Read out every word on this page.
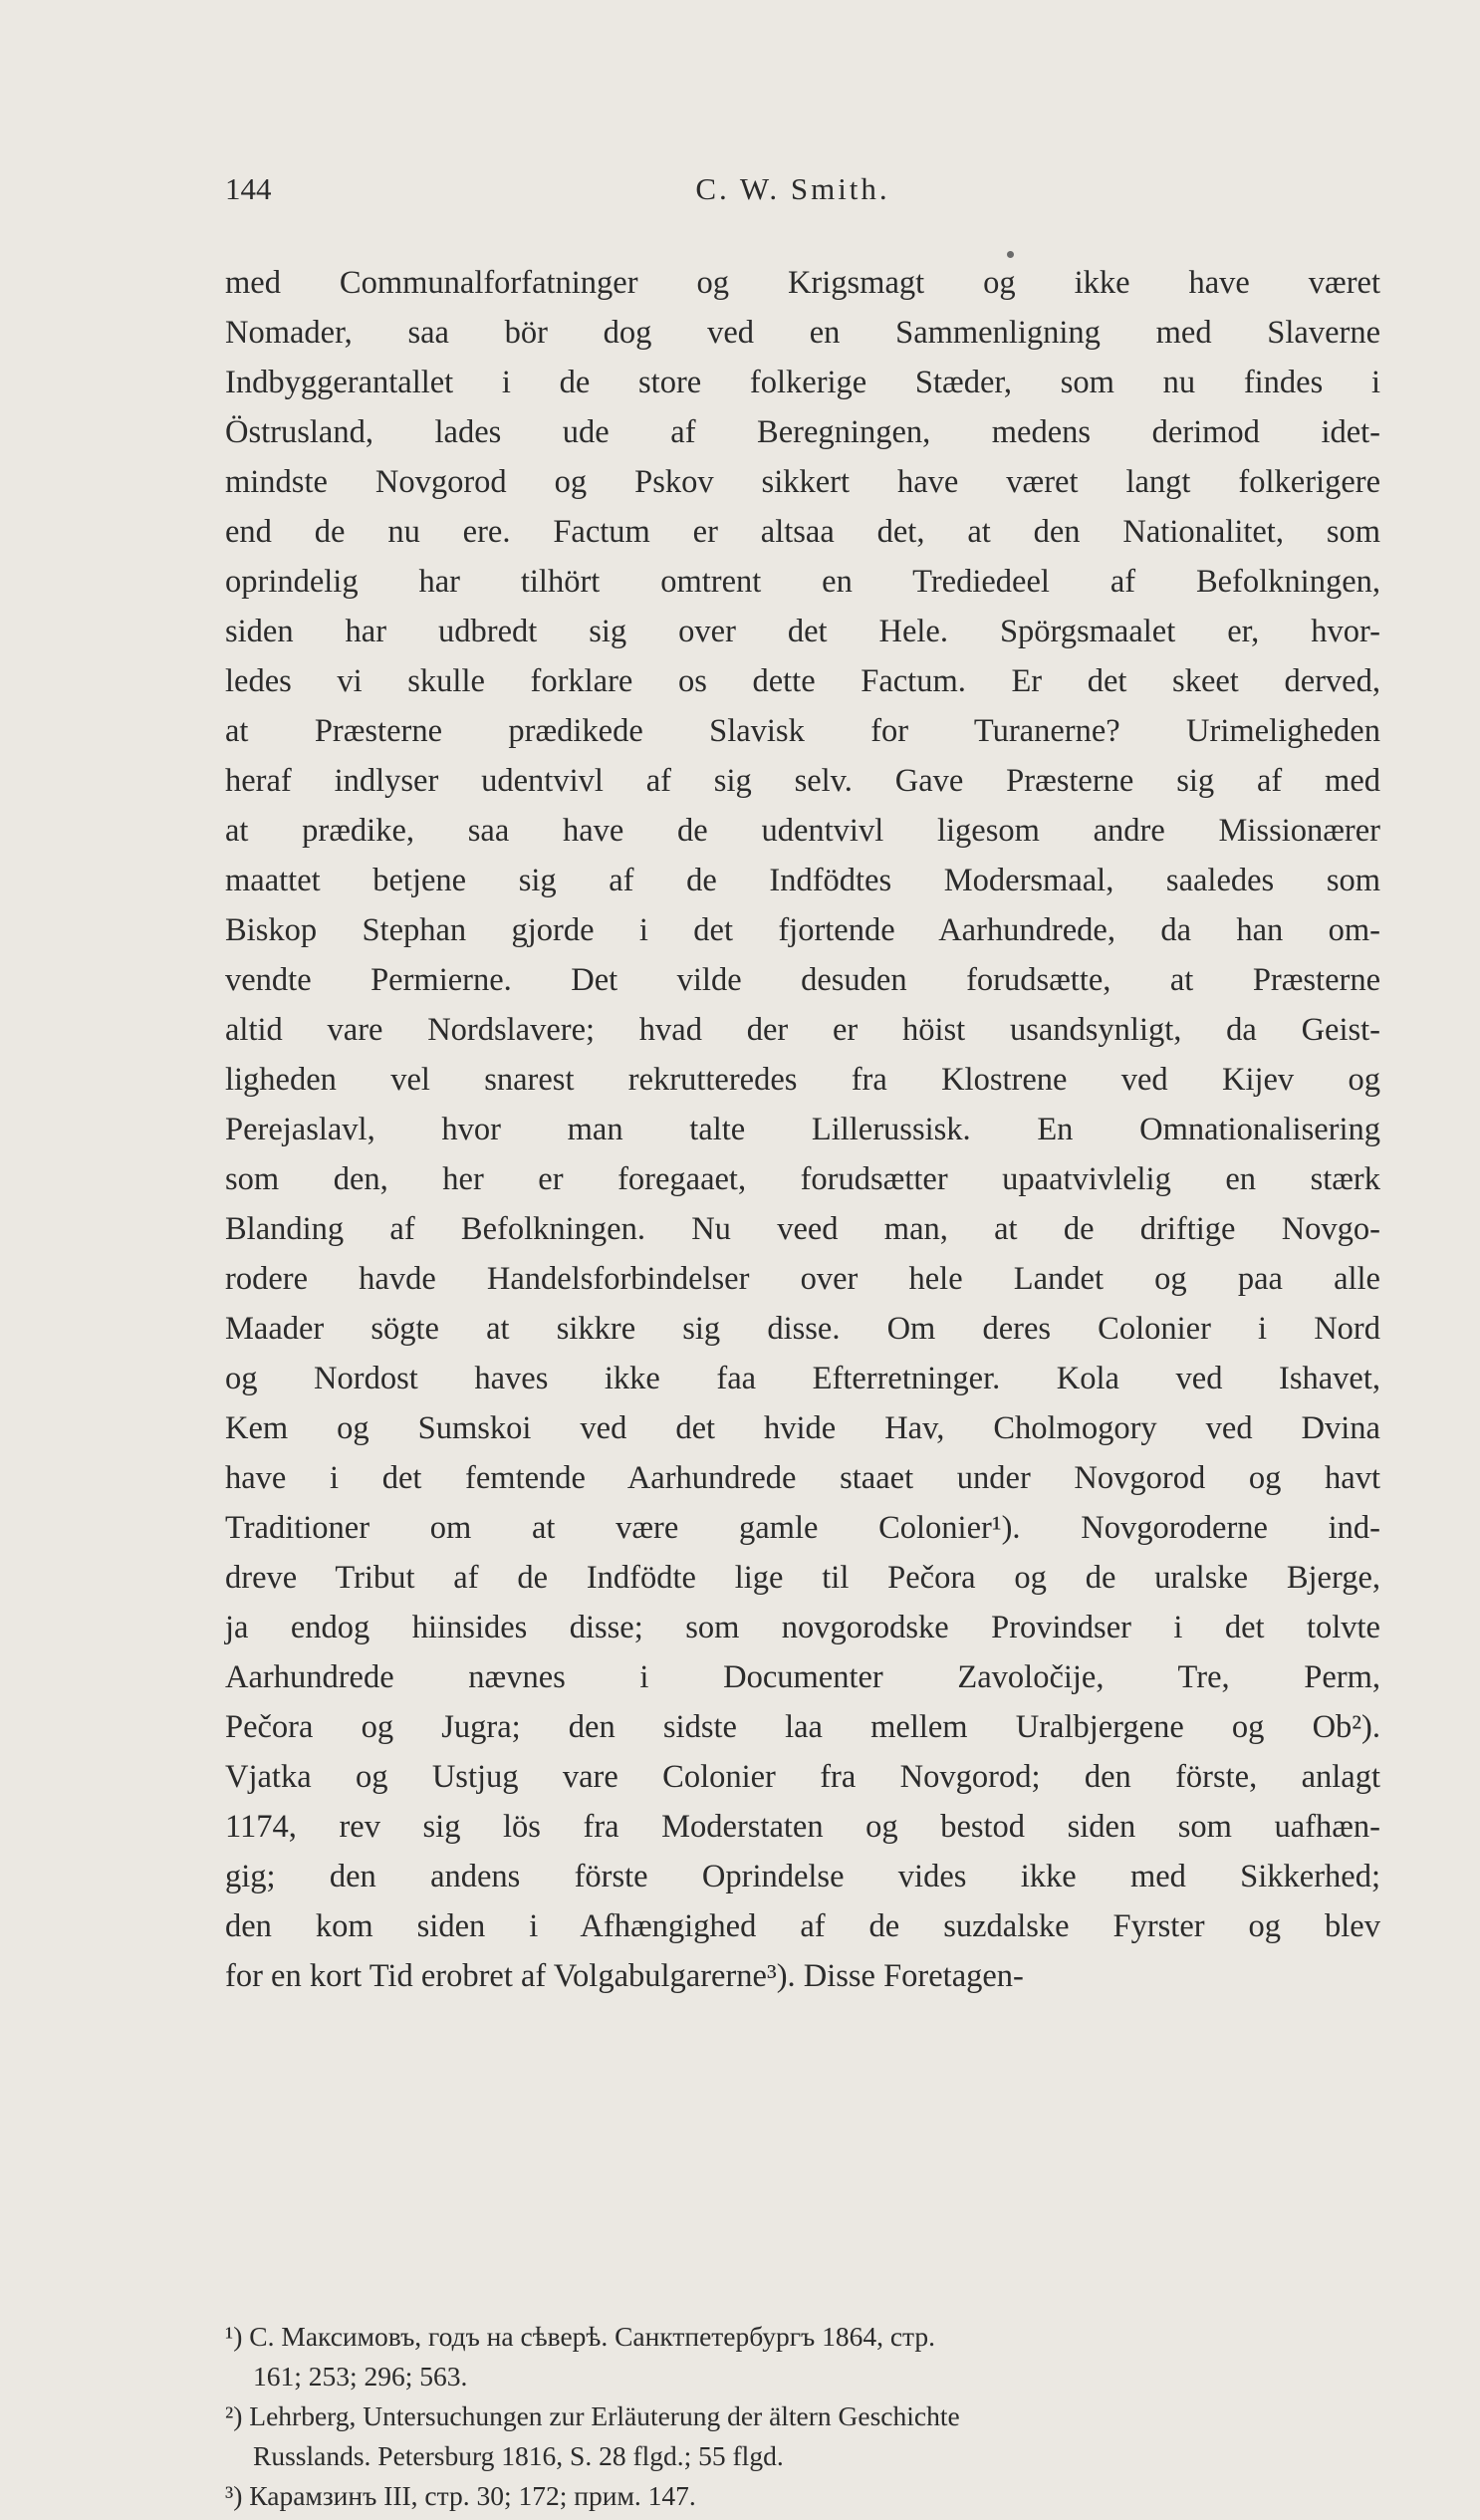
144	C. W. Smith.
med Communalforfatninger og Krigsmagt og ikke have været
Nomader, saa bör dog ved en Sammenligning med Slaverne
Indbyggerantallet i de store folkerige Stæder, som nu findes i
Östrusland, lades ude af Beregningen, medens derimod idet-
mindste Novgorod og Pskov sikkert have været langt folkerigere
end de nu ere. Factum er altsaa det, at den Nationalitet, som
oprindelig har tilhört omtrent en Trediedeel af Befolkningen,
siden har udbredt sig over det Hele. Spörgsmaalet er, hvor-
ledes vi skulle forklare os dette Factum. Er det skeet derved,
at Præsterne prædikede Slavisk for Turanerne? Urimeligheden
heraf indlyser udentvivl af sig selv. Gave Præsterne sig af med
at prædike, saa have de udentvivl ligesom andre Missionærer
maattet betjene sig af de Indfödtes Modersmaal, saaledes som
Biskop Stephan gjorde i det fjortende Aarhundrede, da han om-
vendte Permierne. Det vilde desuden forudsætte, at Præsterne
altid vare Nordslavere; hvad der er höist usandsynligt, da Geist-
ligheden vel snarest rekrutteredes fra Klostrene ved Kijev og
Perejaslavl, hvor man talte Lillerussisk. En Omnationalisering
som den, her er foregaaet, forudsætter upaatvivlelig en stærk
Blanding af Befolkningen. Nu veed man, at de driftige Novgo-
rodere havde Handelsforbindelser over hele Landet og paa alle
Maader sögte at sikkre sig disse. Om deres Colonier i Nord
og Nordost haves ikke faa Efterretninger. Kola ved Ishavet,
Kem og Sumskoi ved det hvide Hav, Cholmogory ved Dvina
have i det femtende Aarhundrede staaet under Novgorod og havt
Traditioner om at være gamle Colonier¹). Novgoroderne ind-
dreve Tribut af de Indfödte lige til Pečora og de uralske Bjerge,
ja endog hiinsides disse; som novgorodske Provindser i det tolvte
Aarhundrede nævnes i Documenter Zavoločije, Tre, Perm,
Pečora og Jugra; den sidste laa mellem Uralbjergene og Ob²).
Vjatka og Ustjug vare Colonier fra Novgorod; den förste, anlagt
1174, rev sig lös fra Moderstaten og bestod siden som uafhæn-
gig; den andens förste Oprindelse vides ikke med Sikkerhed;
den kom siden i Afhængighed af de suzdalske Fyrster og blev
for en kort Tid erobret af Volgabulgarerne³). Disse Foretagen-
¹) С. Максимовъ, годъ на сѣверѣ. Санктпетербургъ 1864, стр.
161; 253; 296; 563.
²) Lehrberg, Untersuchungen zur Erläuterung der ältern Geschichte
Russlands. Petersburg 1816, S. 28 flgd.; 55 flgd.
³) Карамзинъ III, стр. 30; 172; прим. 147.
